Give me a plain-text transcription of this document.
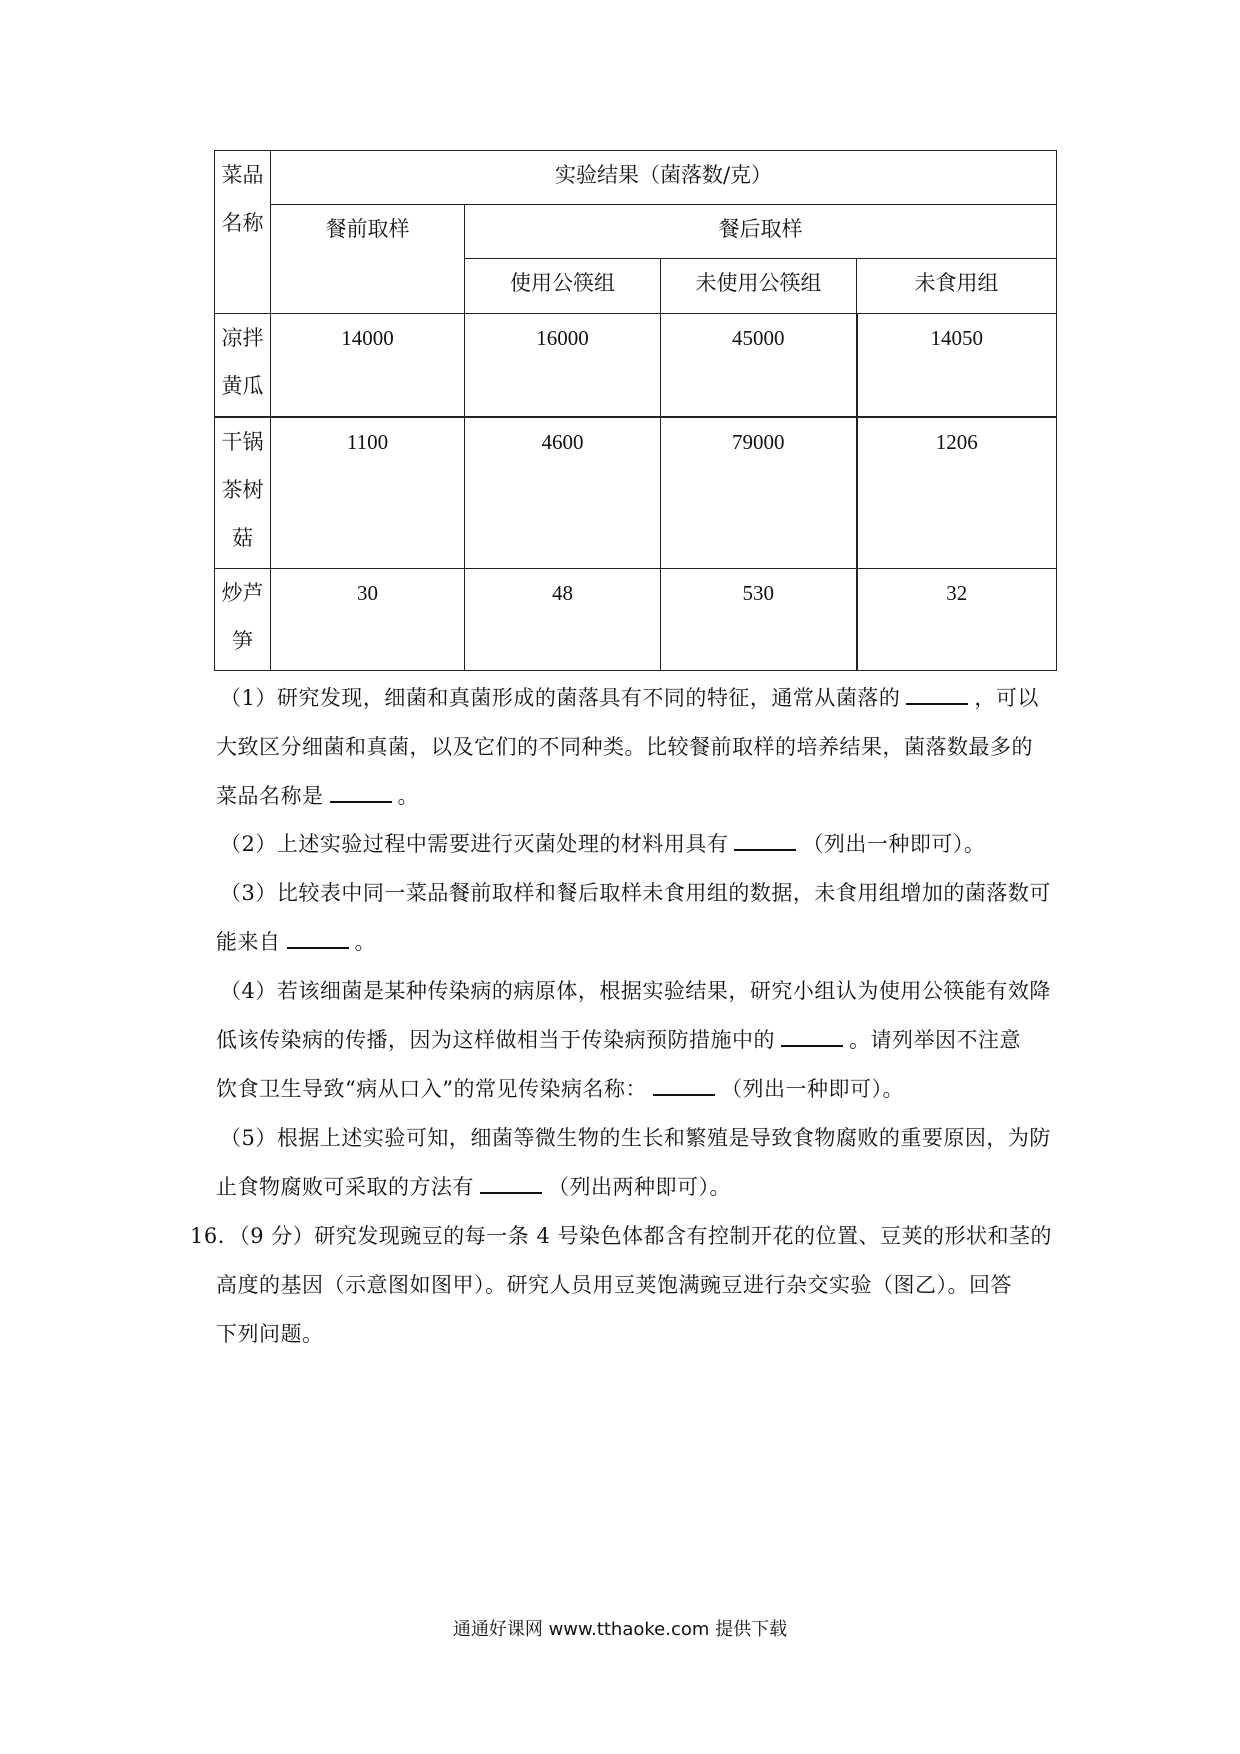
菜品
名称	实验结果（菌落数/克）			
	餐前取样	餐后取样		
		使用公筷组	未使用公筷组	未食用组

凉拌
黄瓜	14000	16000	45000	14050

干锅
茶树
菇	1100	4600	79000	1206

炒芦
笋	30	48	530	32
（1）研究发现，细菌和真菌形成的菌落具有不同的特征，通常从菌落的	，可以
大致区分细菌和真菌，以及它们的不同种类。比较餐前取样的培养结果，菌落数最多的
菜品名称是	。
（2）上述实验过程中需要进行灭菌处理的材料用具有	（列出一种即可）。
（3）比较表中同一菜品餐前取样和餐后取样未食用组的数据，未食用组增加的菌落数可
能来自	。
（4）若该细菌是某种传染病的病原体，根据实验结果，研究小组认为使用公筷能有效降
低该传染病的传播，因为这样做相当于传染病预防措施中的	。请列举因不注意
饮食卫生导致“病从口入”的常见传染病名称：	（列出一种即可）。
（5）根据上述实验可知，细菌等微生物的生长和繁殖是导致食物腐败的重要原因，为防
止食物腐败可采取的方法有	（列出两种即可）。
16．（9 分）研究发现豌豆的每一条 4 号染色体都含有控制开花的位置、豆荚的形状和茎的
高度的基因（示意图如图甲）。研究人员用豆荚饱满豌豆进行杂交实验（图乙）。回答
下列问题。
通通好课网 www.tthaoke.com 提供下载
